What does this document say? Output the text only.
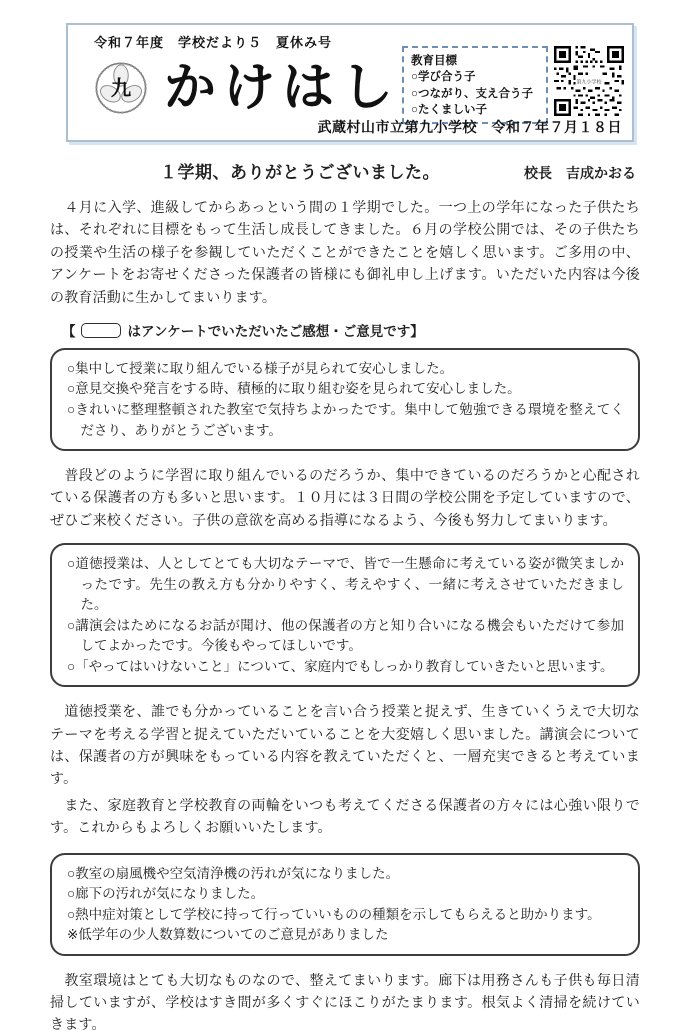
令和７年度　学校だより５　夏休み号
九 かけはし 教育目標
○学び合う子
○つながり、支え合う子
○たくましい子
第九小学校
武蔵村山市立第九小学校　令和７年７月１８日
１学期、ありがとうございました。	校長　吉成かおる

　４月に入学、進級してからあっという間の１学期でした。一つ上の学年になった子供たちは、それぞれに目標をもって生活し成長してきました。６月の学校公開では、その子供たちの授業や生活の様子を参観していただくことができたことを嬉しく思います。ご多用の中、アンケートをお寄せくださった保護者の皆様にも御礼申し上げます。いただいた内容は今後の教育活動に生かしてまいります。

【	はアンケートでいただいたご感想・ご意見です】
○集中して授業に取り組んでいる様子が見られて安心しました。
○意見交換や発言をする時、積極的に取り組む姿を見られて安心しました。
○きれいに整理整頓された教室で気持ちよかったです。集中して勉強できる環境を整えてくださり、ありがとうございます。

　普段どのように学習に取り組んでいるのだろうか、集中できているのだろうかと心配されている保護者の方も多いと思います。１０月には３日間の学校公開を予定していますので、ぜひご来校ください。子供の意欲を高める指導になるよう、今後も努力してまいります。

○道徳授業は、人としてとても大切なテーマで、皆で一生懸命に考えている姿が微笑ましかったです。先生の教え方も分かりやすく、考えやすく、一緒に考えさせていただきました。
○講演会はためになるお話が聞け、他の保護者の方と知り合いになる機会もいただけて参加してよかったです。今後もやってほしいです。
○「やってはいけないこと」について、家庭内でもしっかり教育していきたいと思います。

　道徳授業を、誰でも分かっていることを言い合う授業と捉えず、生きていくうえで大切なテーマを考える学習と捉えていただいていることを大変嬉しく思いました。講演会については、保護者の方が興味をもっている内容を教えていただくと、一層充実できると考えています。

　また、家庭教育と学校教育の両輪をいつも考えてくださる保護者の方々には心強い限りです。これからもよろしくお願いいたします。

○教室の扇風機や空気清浄機の汚れが気になりました。
○廊下の汚れが気になりました。
○熱中症対策として学校に持って行っていいものの種類を示してもらえると助かります。
※低学年の少人数算数についてのご意見がありました

　教室環境はとても大切なものなので、整えてまいります。廊下は用務さんも子供も毎日清掃していますが、学校はすき間が多くすぐにほこりがたまります。根気よく清掃を続けていきます。
